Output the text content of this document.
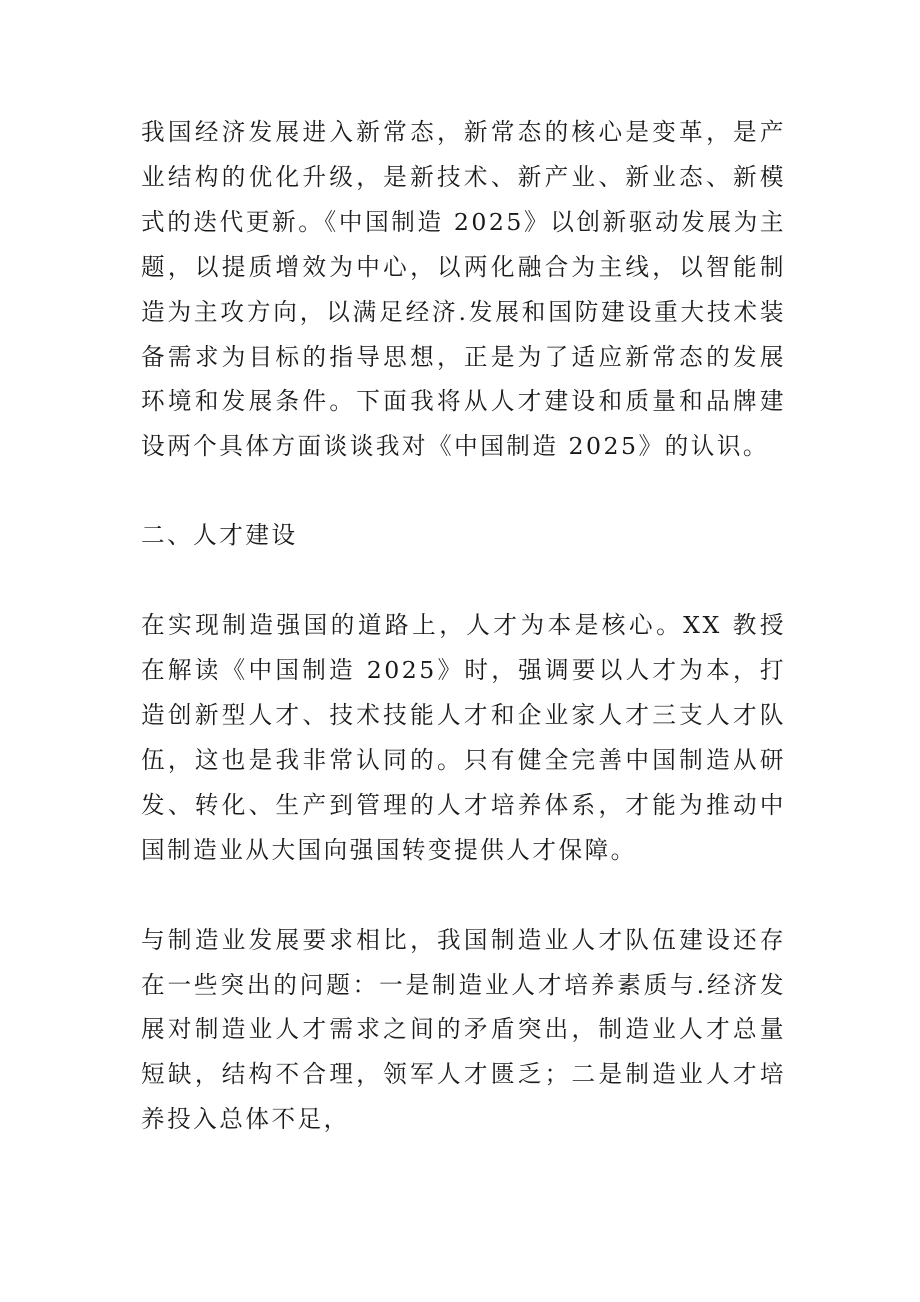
我国经济发展进入新常态，新常态的核心是变革，是产业结构的优化升级，是新技术、新产业、新业态、新模式的迭代更新。《中国制造 2025》以创新驱动发展为主题，以提质增效为中心，以两化融合为主线，以智能制造为主攻方向，以满足经济.发展和国防建设重大技术装备需求为目标的指导思想，正是为了适应新常态的发展环境和发展条件。下面我将从人才建设和质量和品牌建设两个具体方面谈谈我对《中国制造 2025》的认识。

二、人才建设

在实现制造强国的道路上，人才为本是核心。XX 教授在解读《中国制造 2025》时，强调要以人才为本，打造创新型人才、技术技能人才和企业家人才三支人才队伍，这也是我非常认同的。只有健全完善中国制造从研发、转化、生产到管理的人才培养体系，才能为推动中国制造业从大国向强国转变提供人才保障。

与制造业发展要求相比，我国制造业人才队伍建设还存在一些突出的问题：一是制造业人才培养素质与.经济发展对制造业人才需求之间的矛盾突出，制造业人才总量短缺，结构不合理，领军人才匮乏；二是制造业人才培养投入总体不足，
